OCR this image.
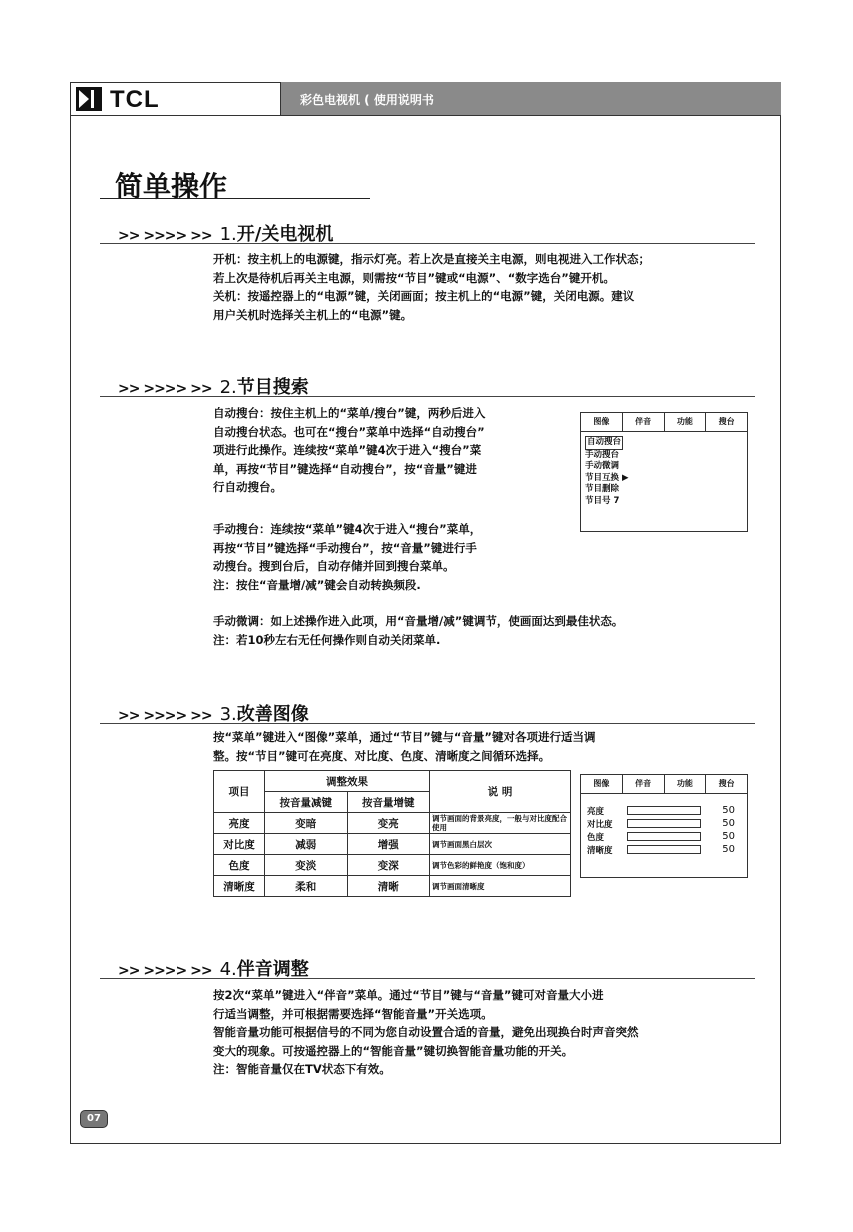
TCL	彩色电视机 ( 使用说明书
简单操作
>> >>>> >> 1.开/关电视机
开机：按主机上的电源键，指示灯亮。若上次是直接关主电源，则电视进入工作状态；
若上次是待机后再关主电源，则需按“节目”键或“电源”、“数字选台”键开机。
关机：按遥控器上的“电源”键，关闭画面；按主机上的“电源”键，关闭电源。建议
用户关机时选择关主机上的“电源”键。
>> >>>> >> 2.节目搜索
自动搜台：按住主机上的“菜单/搜台”键，两秒后进入
自动搜台状态。也可在“搜台”菜单中选择“自动搜台”
项进行此操作。连续按“菜单”键4次于进入“搜台”菜
单，再按“节目”键选择“自动搜台”，按“音量”键进
行自动搜台。
手动搜台：连续按“菜单”键4次于进入“搜台”菜单，
再按“节目”键选择“手动搜台”，按“音量”键进行手
动搜台。搜到台后，自动存储并回到搜台菜单。
注：按住“音量增/减”键会自动转换频段.
手动微调：如上述操作进入此项，用“音量增/减”键调节，使画面达到最佳状态。
注：若10秒左右无任何操作则自动关闭菜单.
图像	伴音	功能	搜台
自动搜台
手动搜台
手动微调
节目互换 ▶
节目删除
节目号 7
>> >>>> >> 3.改善图像
按“菜单”键进入“图像”菜单，通过“节目”键与“音量”键对各项进行适当调
整。按“节目”键可在亮度、对比度、色度、清晰度之间循环选择。
项目	调整效果		说 明
	按音量减键	按音量增键	
亮度	变暗	变亮	调节画面的背景亮度，一般与对比度配合使用
对比度	减弱	增强	调节画面黑白层次
色度	变淡	变深	调节色彩的鲜艳度（饱和度）
清晰度	柔和	清晰	调节画面清晰度
图像	伴音	功能	搜台
亮度	50
对比度	50
色度	50
清晰度	50
>> >>>> >> 4.伴音调整
按2次“菜单”键进入“伴音”菜单。通过“节目”键与“音量”键可对音量大小进
行适当调整，并可根据需要选择“智能音量”开关选项。
智能音量功能可根据信号的不同为您自动设置合适的音量，避免出现换台时声音突然
变大的现象。可按遥控器上的“智能音量”键切换智能音量功能的开关。
注：智能音量仅在TV状态下有效。
07
